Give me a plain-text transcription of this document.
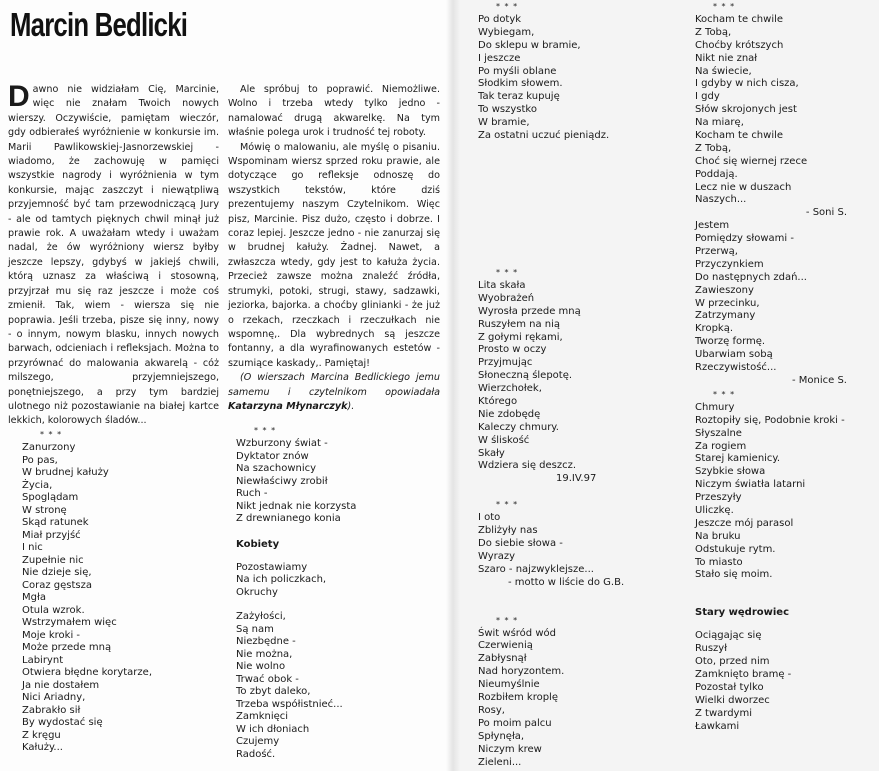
Marcin Bedlicki

Dawno nie widziałam Cię, Marcinie, więc nie znałam Twoich nowych wierszy. Oczywiście, pamiętam wieczór, gdy odbierałeś wyróżnienie w konkursie im. Marii Pawlikowskiej-Jasnorzewskiej - wiadomo, że zachowuję w pamięci wszystkie nagrody i wyróżnienia w tym konkursie, mając zaszczyt i niewątpliwą przyjemność być tam przewodniczącą Jury - ale od tamtych pięknych chwil minął już prawie rok. A uważałam wtedy i uważam nadal, że ów wyróżniony wiersz byłby jeszcze lepszy, gdybyś w jakiejś chwili, którą uznasz za właściwą i stosowną, przyjrzał mu się raz jeszcze i może coś zmienił. Tak, wiem - wiersza się nie poprawia. Jeśli trzeba, pisze się inny, nowy - o innym, nowym blasku, innych nowych barwach, odcieniach i refleksjach. Można to przyrównać do malowania akwarelą - cóż milszego, przyjemniejszego, ponętniejszego, a przy tym bardziej ulotnego niż pozostawianie na białej kartce lekkich, kolorowych śladów...

Ale spróbuj to poprawić. Niemożliwe. Wolno i trzeba wtedy tylko jedno - namalować drugą akwarelkę. Na tym właśnie polega urok i trudność tej roboty.

Mówię o malowaniu, ale myślę o pisaniu. Wspominam wiersz sprzed roku prawie, ale dotyczące go refleksje odnoszę do wszystkich tekstów, które dziś prezentujemy naszym Czytelnikom. Więc pisz, Marcinie. Pisz dużo, często i dobrze. I coraz lepiej. Jeszcze jedno - nie zanurzaj się w brudnej kałuży. Żadnej. Nawet, a zwłaszcza wtedy, gdy jest to kałuża życia. Przecież zawsze można znaleźć źródła, strumyki, potoki, strugi, stawy, sadzawki, jeziorka, bajorka. a choćby glinianki - że już o rzekach, rzeczkach i rzeczułkach nie wspomnę,. Dla wybrednych są jeszcze fontanny, a dla wyrafinowanych estetów - szumiące kaskady,. Pamiętaj!

(O wierszach Marcina Bedlickiego jemu samemu i czytelnikom opowiadała Katarzyna Młynarczyk).

* * *
Zanurzony
Po pas,
W brudnej kałuży
Życia,
Spoglądam
W stronę
Skąd ratunek
Miał przyjść
I nic
Zupełnie nic
Nie dzieje się,
Coraz gęstsza
Mgła
Otula wzrok.
Wstrzymałem więc
Moje kroki -
Może przede mną
Labirynt
Otwiera błędne korytarze,
Ja nie dostałem
Nici Ariadny,
Zabrakło sił
By wydostać się
Z kręgu
Kałuży...
* * *
Wzburzony świat -
Dyktator znów
Na szachownicy
Niewłaściwy zrobił
Ruch -
Nikt jednak nie korzysta
Z drewnianego konia
Kobiety
Pozostawiamy
Na ich policzkach,
Okruchy
Zażyłości,
Są nam
Niezbędne -
Nie można,
Nie wolno
Trwać obok -
To zbyt daleko,
Trzeba współistnieć...
Zamknięci
W ich dłoniach
Czujemy
Radość.
* * *
Po dotyk
Wybiegam,
Do sklepu w bramie,
I jeszcze
Po myśli oblane
Słodkim słowem.
Tak teraz kupuję
To wszystko
W bramie,
Za ostatni uczuć pieniądz.
* * *
Lita skała
Wyobrażeń
Wyrosła przede mną
Ruszyłem na nią
Z gołymi rękami,
Prosto w oczy
Przyjmując
Słoneczną ślepotę.
Wierzchołek,
Którego
Nie zdobędę
Kaleczy chmury.
W śliskość
Skały
Wdziera się deszcz.
19.IV.97
* * *
I oto
Zbliżyły nas
Do siebie słowa -
Wyrazy
Szaro - najzwyklejsze...
- motto w liście do G.B.
* * *
Świt wśród wód
Czerwienią
Zabłysnął
Nad horyzontem.
Nieumyślnie
Rozbiłem kroplę
Rosy,
Po moim palcu
Spłynęła,
Niczym krew
Zieleni...
* * *
Kocham te chwile
Z Tobą,
Choćby krótszych
Nikt nie znał
Na świecie,
I gdyby w nich cisza,
I gdy
Słów skrojonych jest
Na miarę,
Kocham te chwile
Z Tobą,
Choć się wiernej rzece
Poddają.
Lecz nie w duszach
Naszych...
- Soni S.
Jestem
Pomiędzy słowami -
Przerwą,
Przyczynkiem
Do następnych zdań...
Zawieszony
W przecinku,
Zatrzymany
Kropką.
Tworzę formę.
Ubarwiam sobą
Rzeczywistość...
- Monice S.
* * *
Chmury
Roztopiły się, Podobnie kroki -
Słyszalne
Za rogiem
Starej kamienicy.
Szybkie słowa
Niczym światła latarni
Przeszyły
Uliczkę.
Jeszcze mój parasol
Na bruku
Odstukuje rytm.
To miasto
Stało się moim.
Stary wędrowiec
Ociągając się
Ruszył
Oto, przed nim
Zamknięto bramę -
Pozostał tylko
Wielki dworzec
Z twardymi
Ławkami
